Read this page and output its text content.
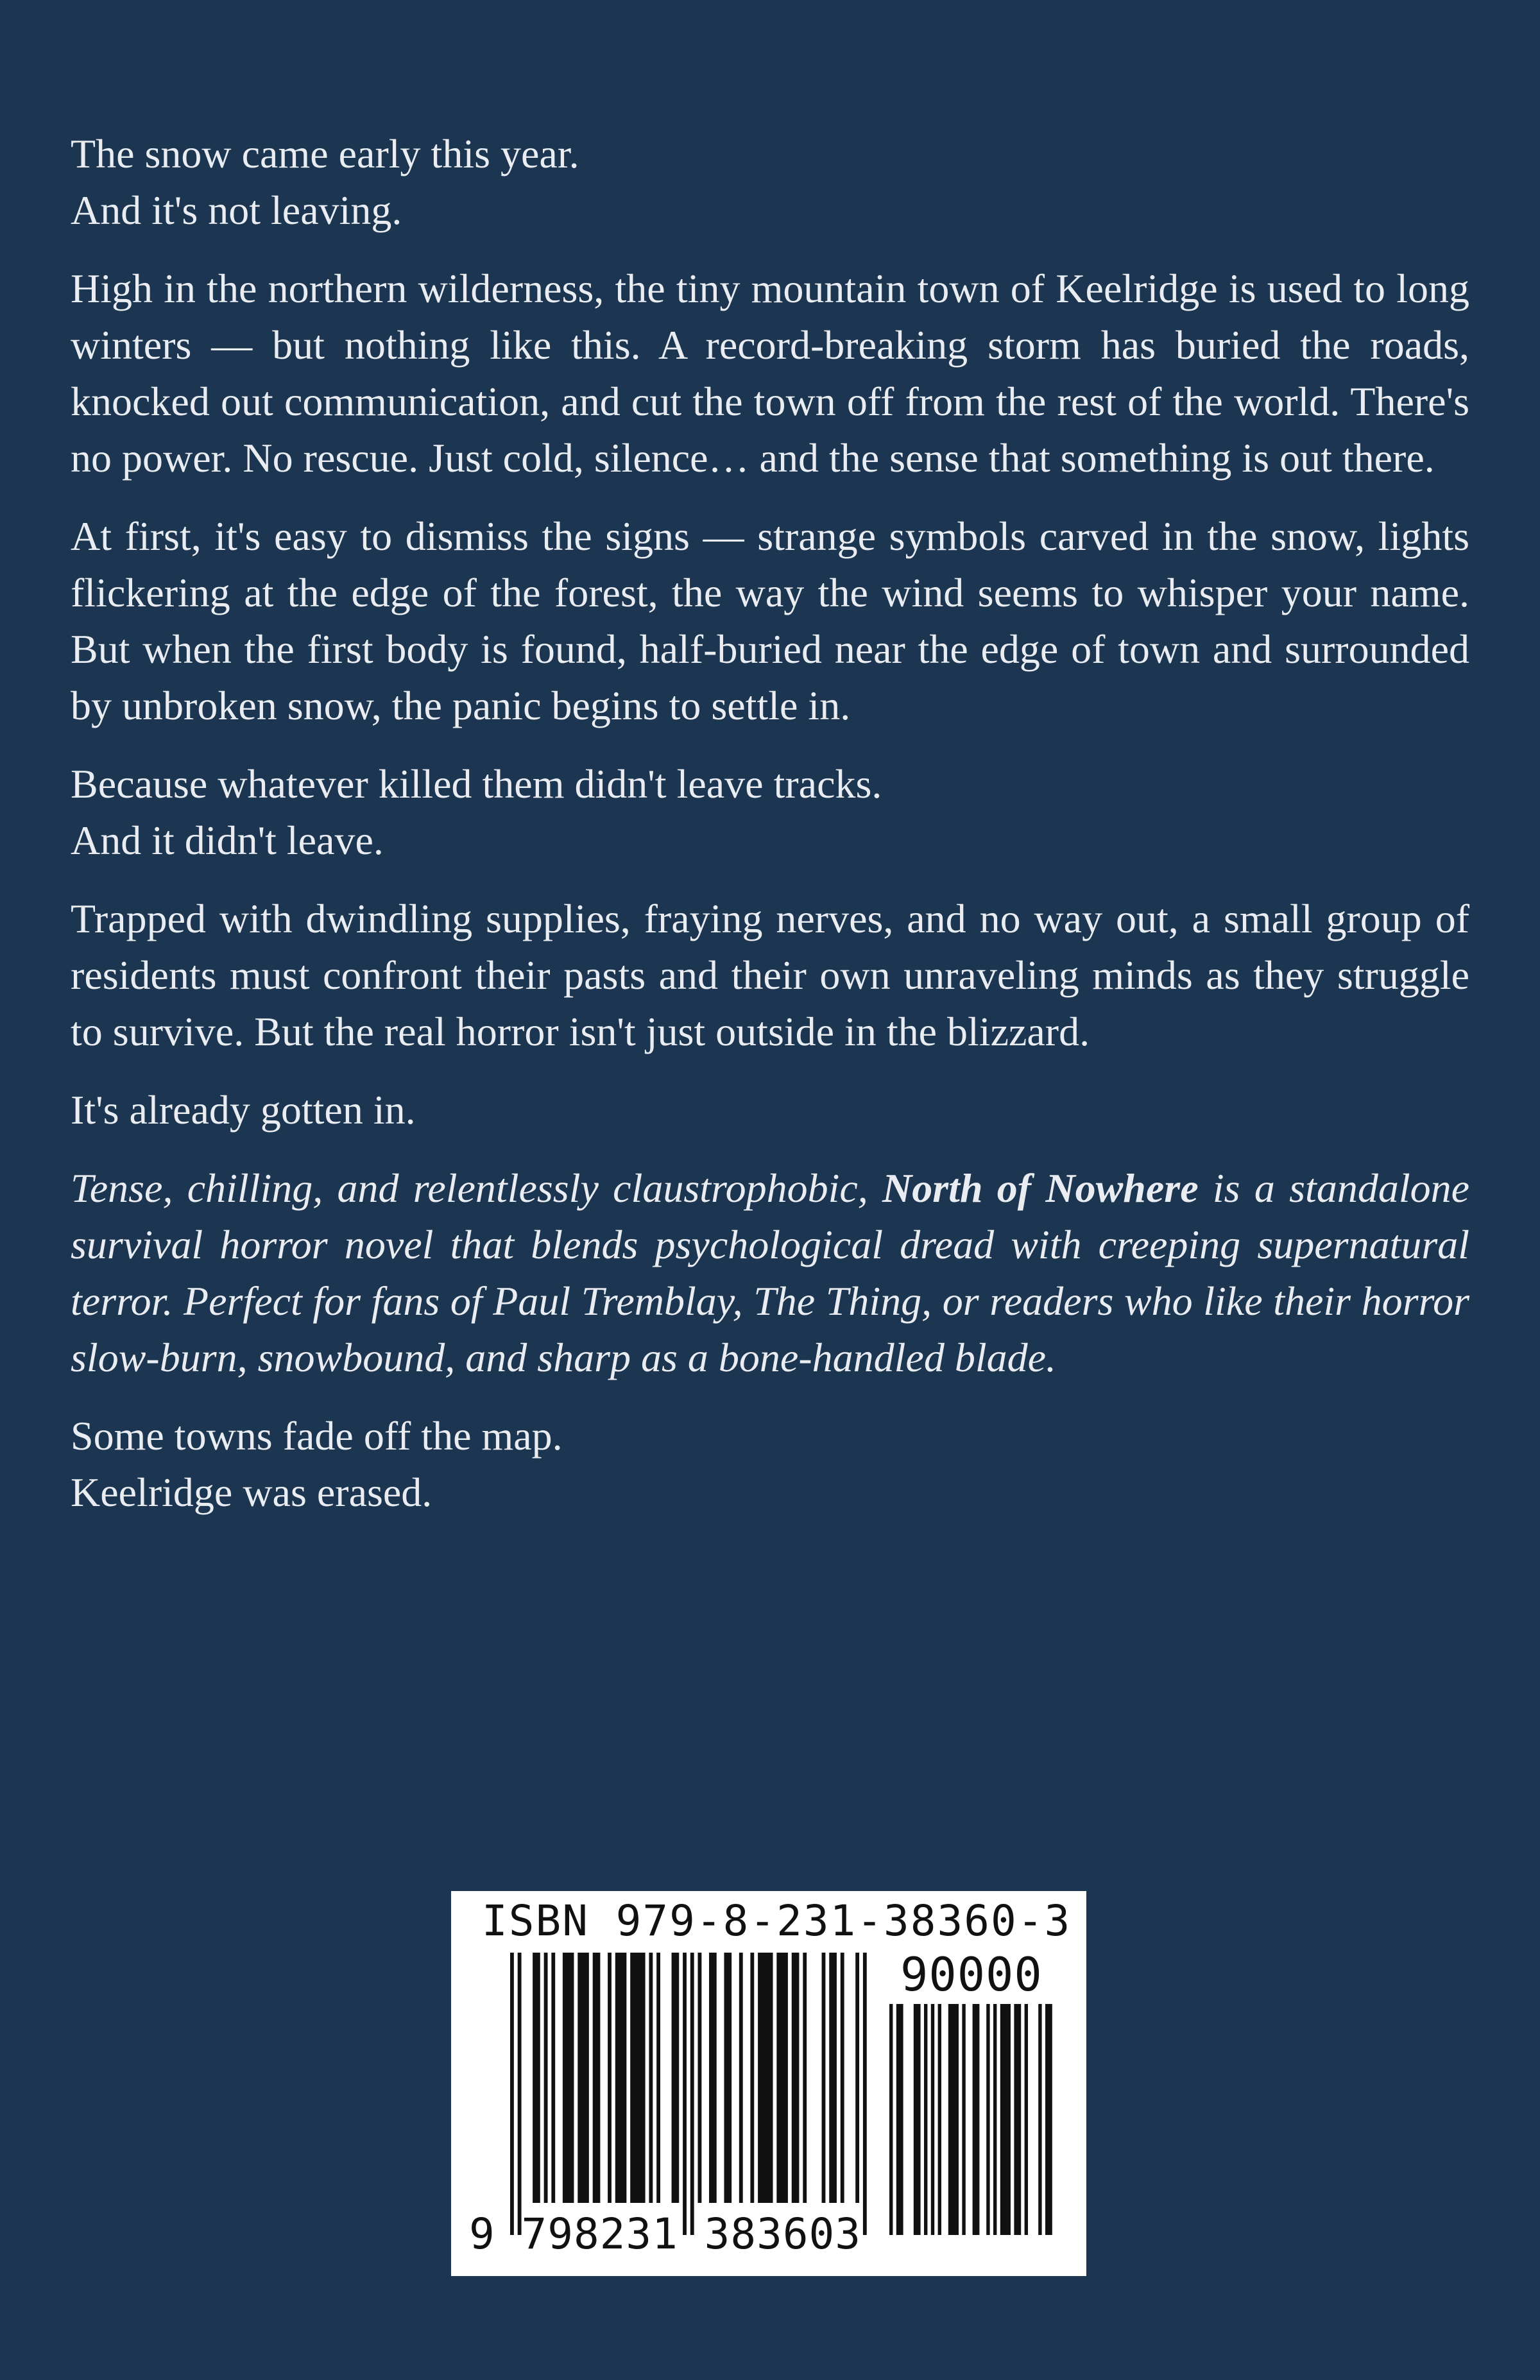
The snow came early this year.
And it's not leaving.

High in the northern wilderness, the tiny mountain town of Keelridge is used to long winters — but nothing like this. A record-breaking storm has buried the roads, knocked out communication, and cut the town off from the rest of the world. There's no power. No rescue. Just cold, silence… and the sense that something is out there.

At first, it's easy to dismiss the signs — strange symbols carved in the snow, lights flickering at the edge of the forest, the way the wind seems to whisper your name. But when the first body is found, half-buried near the edge of town and surrounded by unbroken snow, the panic begins to settle in.

Because whatever killed them didn't leave tracks.
And it didn't leave.

Trapped with dwindling supplies, fraying nerves, and no way out, a small group of residents must confront their pasts and their own unraveling minds as they struggle to survive. But the real horror isn't just outside in the blizzard.

It's already gotten in.

Tense, chilling, and relentlessly claustrophobic, North of Nowhere is a standalone survival horror novel that blends psychological dread with creeping supernatural terror. Perfect for fans of Paul Tremblay, The Thing, or readers who like their horror slow-burn, snowbound, and sharp as a bone-handled blade.

Some towns fade off the map.
Keelridge was erased.

ISBN 979-8-231-38360-3
90000
9 798231 383603
